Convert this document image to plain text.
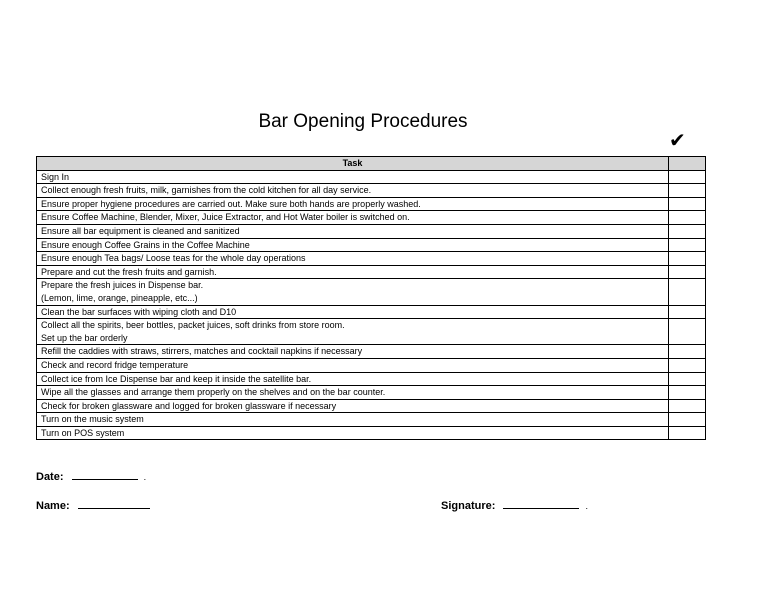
Bar Opening Procedures
✔
Task	

Sign In	

Collect enough fresh fruits, milk, garnishes from the cold kitchen for all day service.	

Ensure proper hygiene procedures are carried out. Make sure both hands are properly washed.	

Ensure Coffee Machine, Blender, Mixer, Juice Extractor, and Hot Water boiler is switched on.	

Ensure all bar equipment is cleaned and sanitized	

Ensure enough Coffee Grains in the Coffee Machine	

Ensure enough Tea bags/ Loose teas for the whole day operations	

Prepare and cut the fresh fruits and garnish.	

Prepare the fresh juices in Dispense bar.
(Lemon, lime, orange, pineapple, etc...)	

Clean the bar surfaces with wiping cloth and D10	

Collect all the spirits, beer bottles, packet juices, soft drinks from store room.
Set up the bar orderly	

Refill the caddies with straws, stirrers, matches and cocktail napkins if necessary	

Check and record fridge temperature	

Collect ice from Ice Dispense bar and keep it inside the satellite bar.	

Wipe all the glasses and arrange them properly on the shelves and on the bar counter.	

Check for broken glassware and logged for broken glassware if necessary	

Turn on the music system	

Turn on POS system	

Date:	.
Name:	Signature:	.
